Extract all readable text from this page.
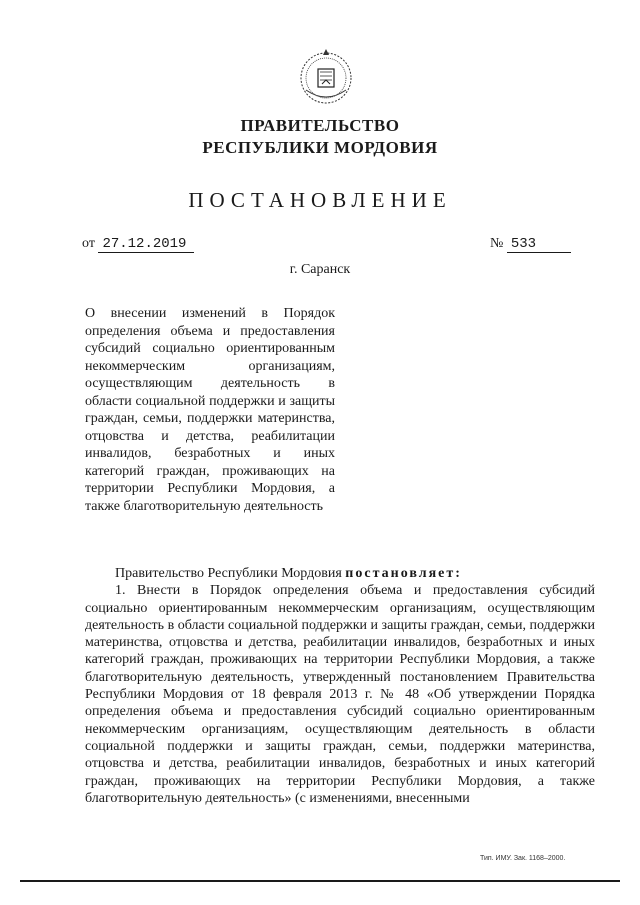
ПРАВИТЕЛЬСТВО
РЕСПУБЛИКИ МОРДОВИЯ
ПОСТАНОВЛЕНИЕ
от 27.12.2019	№ 533
г. Саранск

О внесении изменений в Порядок определения объема и предоставления субсидий социально ориентированным некоммерческим организациям, осуществляющим деятельность в области социальной поддержки и защиты граждан, семьи, поддержки материнства, отцовства и детства, реабилитации инвалидов, безработных и иных категорий граждан, проживающих на территории Республики Мордовия, а также благотворительную деятельность

Правительство Республики Мордовия постановляет:

1. Внести в Порядок определения объема и предоставления субсидий социально ориентированным некоммерческим организациям, осуществляющим деятельность в области социальной поддержки и защиты граждан, семьи, поддержки материнства, отцовства и детства, реабилитации инвалидов, безработных и иных категорий граждан, проживающих на территории Республики Мордовия, а также благотворительную деятельность, утвержденный постановлением Правительства Республики Мордовия от 18 февраля 2013 г. № 48 «Об утверждении Порядка определения объема и предоставления субсидий социально ориентированным некоммерческим организациям, осуществляющим деятельность в области социальной поддержки и защиты граждан, семьи, поддержки материнства, отцовства и детства, реабилитации инвалидов, безработных и иных категорий граждан, проживающих на территории Республики Мордовия, а также благотворительную деятельность» (с изменениями, внесенными

Тип. ИМУ. Зак. 1168–2000.
